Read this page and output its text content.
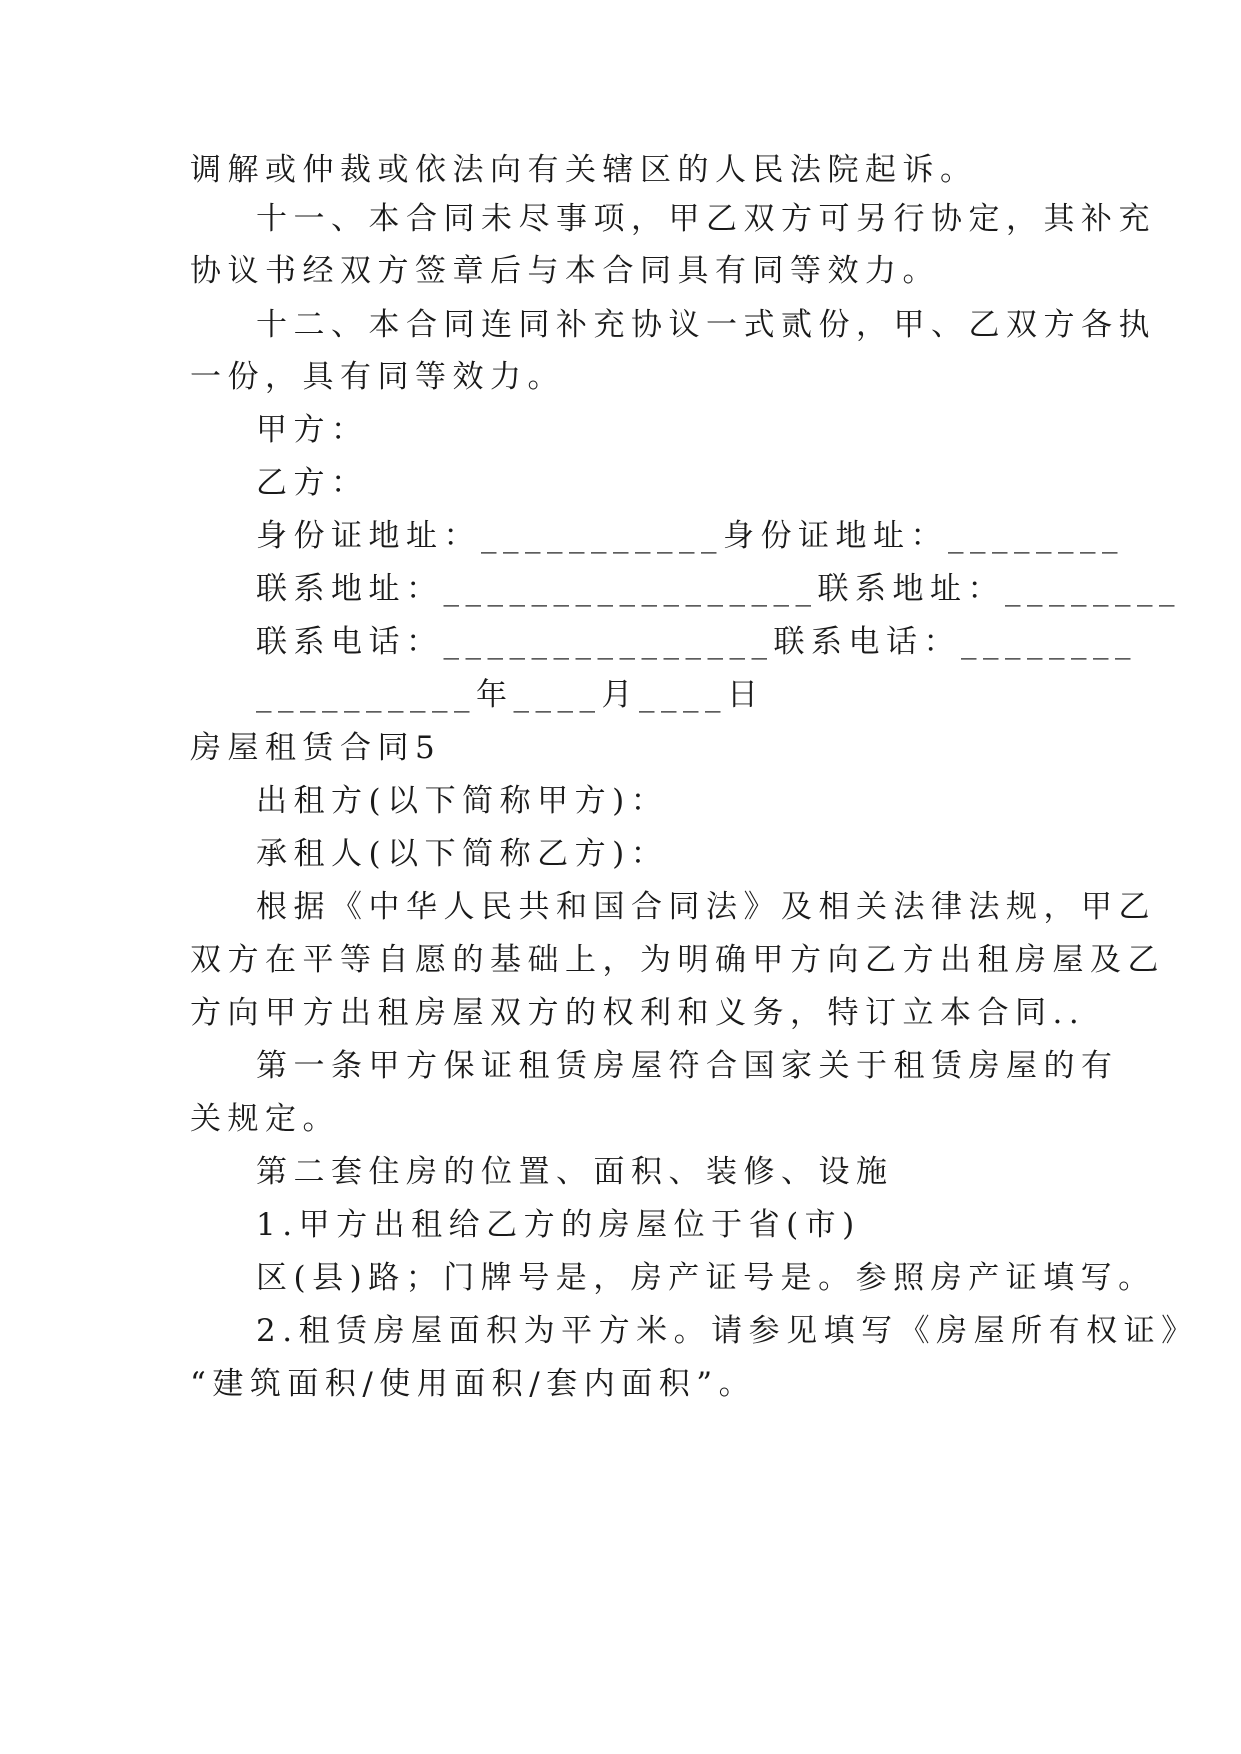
调解或仲裁或依法向有关辖区的人民法院起诉。
十一、本合同未尽事项，甲乙双方可另行协定，其补充
协议书经双方签章后与本合同具有同等效力。
十二、本合同连同补充协议一式贰份，甲、乙双方各执
一份，具有同等效力。
甲方：
乙方：
身份证地址：___________身份证地址：________
联系地址：_________________联系地址：________
联系电话：_______________联系电话：________
__________年____月____日
房屋租赁合同5
出租方(以下简称甲方)：
承租人(以下简称乙方)：
根据《中华人民共和国合同法》及相关法律法规，甲乙
双方在平等自愿的基础上，为明确甲方向乙方出租房屋及乙
方向甲方出租房屋双方的权利和义务，特订立本合同..
第一条甲方保证租赁房屋符合国家关于租赁房屋的有
关规定。
第二套住房的位置、面积、装修、设施
1.甲方出租给乙方的房屋位于省(市)
区(县)路；门牌号是，房产证号是。参照房产证填写。
2.租赁房屋面积为平方米。请参见填写《房屋所有权证》
“建筑面积/使用面积/套内面积”。
